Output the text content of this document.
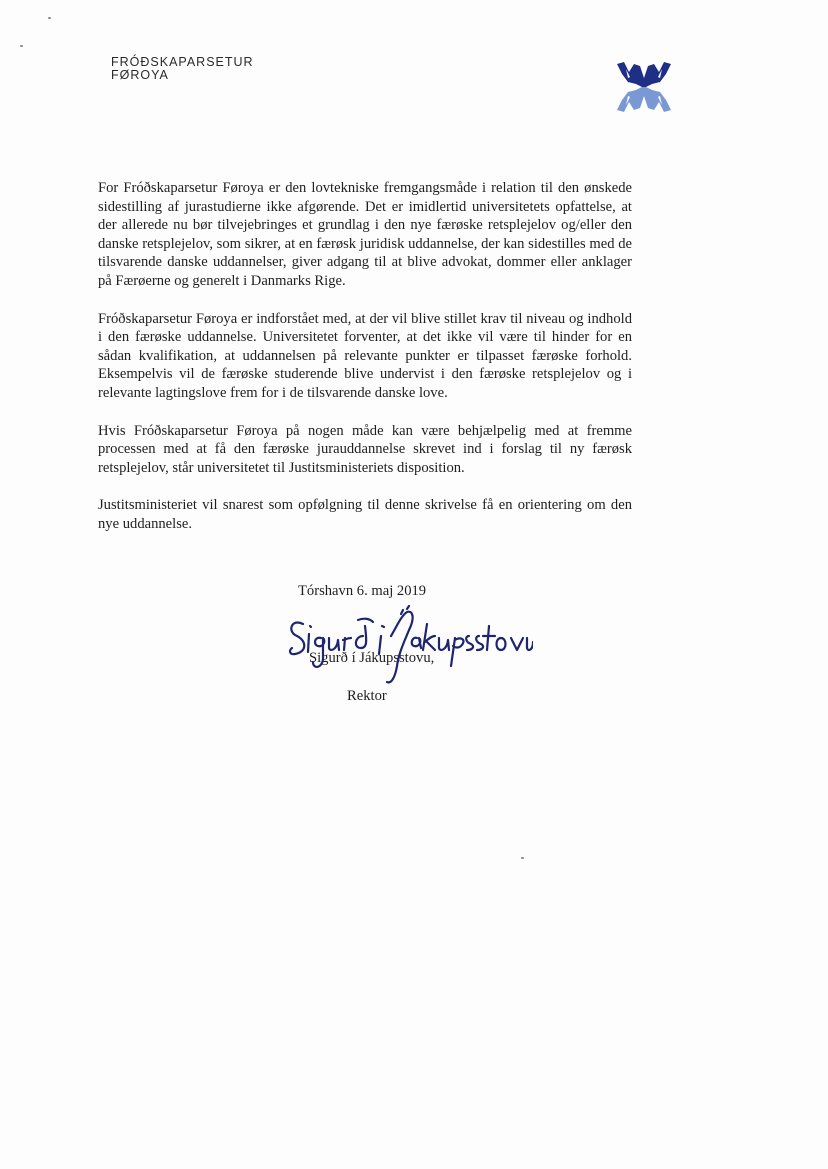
FRÓÐSKAPARSETUR
FØROYA

For Fróðskaparsetur Føroya er den lovtekniske fremgangsmåde i relation til den ønskede sidestilling af jurastudierne ikke afgørende. Det er imidlertid universitetets opfattelse, at der allerede nu bør tilvejebringes et grundlag i den nye færøske retsplejelov og/eller den danske retsplejelov, som sikrer, at en færøsk juridisk uddannelse, der kan sidestilles med de tilsvarende danske uddannelser, giver adgang til at blive advokat, dommer eller anklager på Færøerne og generelt i Danmarks Rige.

Fróðskaparsetur Føroya er indforstået med, at der vil blive stillet krav til niveau og indhold i den færøske uddannelse. Universitetet forventer, at det ikke vil være til hinder for en sådan kvalifikation, at uddannelsen på relevante punkter er tilpasset færøske forhold. Eksempelvis vil de færøske studerende blive undervist i den færøske retsplejelov og i relevante lagtingslove frem for i de tilsvarende danske love.

Hvis Fróðskaparsetur Føroya på nogen måde kan være behjælpelig med at fremme processen med at få den færøske jurauddannelse skrevet ind i forslag til ny færøsk retsplejelov, står universitetet til Justitsministeriets disposition.

Justitsministeriet vil snarest som opfølgning til denne skrivelse få en orientering om den nye uddannelse.

Tórshavn 6. maj 2019
Sigurð í Jákupsstovu,
Rektor
